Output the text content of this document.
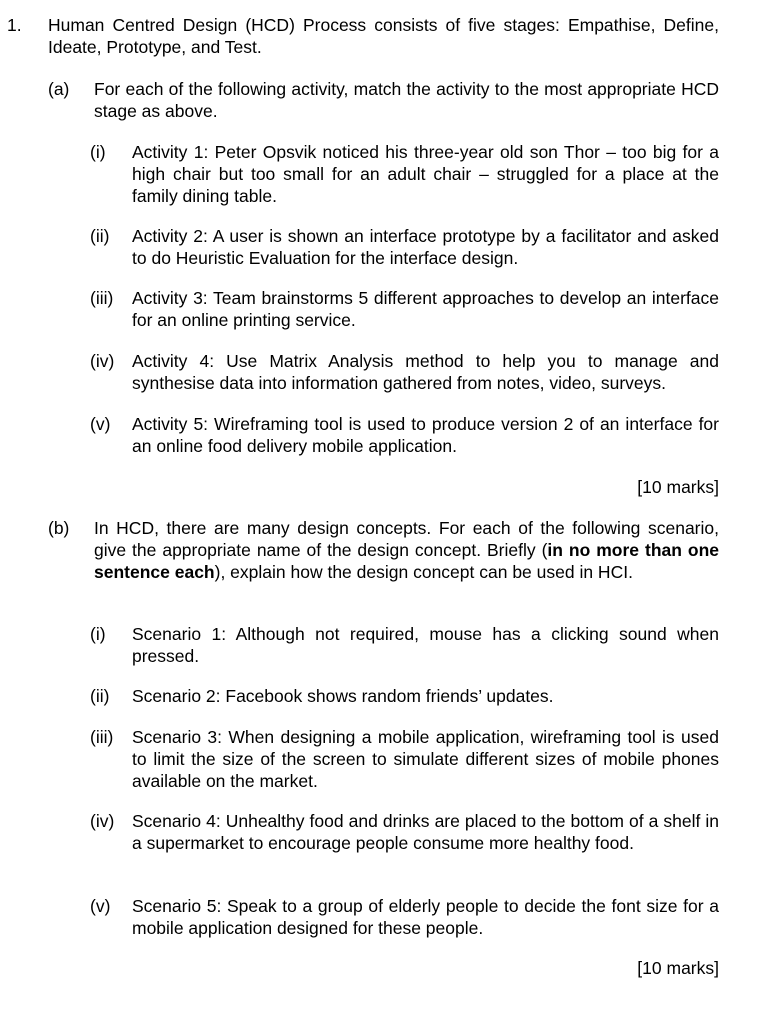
1. Human Centred Design (HCD) Process consists of five stages: Empathise, Define, Ideate, Prototype, and Test.
(a) For each of the following activity, match the activity to the most appropriate HCD stage as above.
(i) Activity 1: Peter Opsvik noticed his three-year old son Thor – too big for a high chair but too small for an adult chair – struggled for a place at the family dining table.
(ii) Activity 2: A user is shown an interface prototype by a facilitator and asked to do Heuristic Evaluation for the interface design.
(iii) Activity 3: Team brainstorms 5 different approaches to develop an interface for an online printing service.
(iv) Activity 4: Use Matrix Analysis method to help you to manage and synthesise data into information gathered from notes, video, surveys.
(v) Activity 5: Wireframing tool is used to produce version 2 of an interface for an online food delivery mobile application.
[10 marks]
(b) In HCD, there are many design concepts. For each of the following scenario, give the appropriate name of the design concept. Briefly (in no more than one sentence each), explain how the design concept can be used in HCI.
(i) Scenario 1: Although not required, mouse has a clicking sound when pressed.
(ii) Scenario 2: Facebook shows random friends’ updates.
(iii) Scenario 3: When designing a mobile application, wireframing tool is used to limit the size of the screen to simulate different sizes of mobile phones available on the market.
(iv) Scenario 4: Unhealthy food and drinks are placed to the bottom of a shelf in a supermarket to encourage people consume more healthy food.
(v) Scenario 5: Speak to a group of elderly people to decide the font size for a mobile application designed for these people.
[10 marks]
